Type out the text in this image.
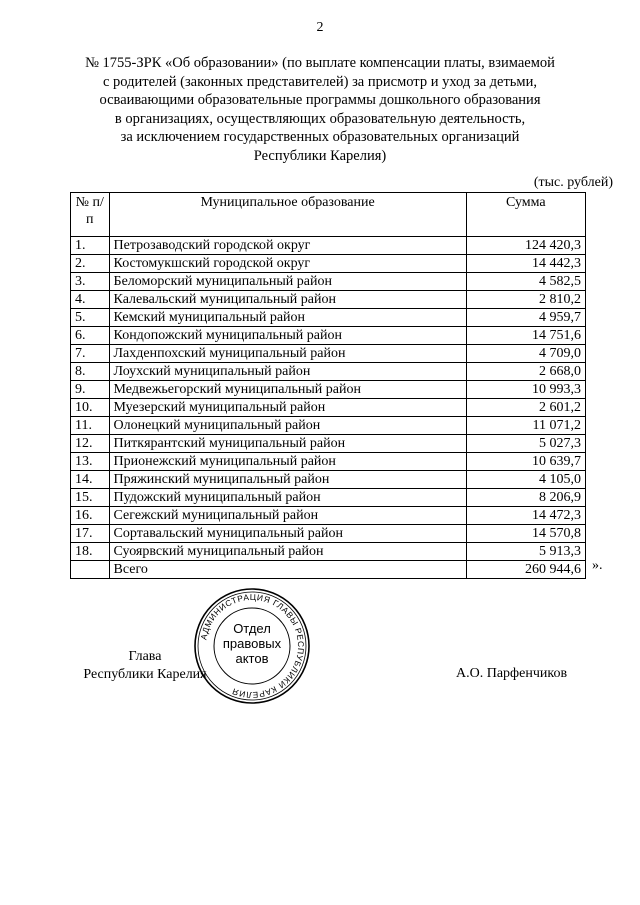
2
№ 1755-ЗРК «Об образовании» (по выплате компенсации платы, взимаемой
с родителей (законных представителей) за присмотр и уход за детьми,
осваивающими образовательные программы дошкольного образования
в организациях, осуществляющих образовательную деятельность,
за исключением государственных образовательных организаций
Республики Карелия)
(тыс. рублей)
№ п/п	Муниципальное образование	Сумма
1.	Петрозаводский городской округ	124 420,3
2.	Костомукшский городской округ	14 442,3
3.	Беломорский муниципальный район	4 582,5
4.	Калевальский муниципальный район	2 810,2
5.	Кемский муниципальный район	4 959,7
6.	Кондопожский муниципальный район	14 751,6
7.	Лахденпохский муниципальный район	4 709,0
8.	Лоухский муниципальный район	2 668,0
9.	Медвежьегорский муниципальный район	10 993,3
10.	Муезерский муниципальный район	2 601,2
11.	Олонецкий муниципальный район	11 071,2
12.	Питкярантский муниципальный район	5 027,3
13.	Прионежский муниципальный район	10 639,7
14.	Пряжинский муниципальный район	4 105,0
15.	Пудожский муниципальный район	8 206,9
16.	Сегежский муниципальный район	14 472,3
17.	Сортавальский муниципальный район	14 570,8
18.	Суоярвский муниципальный район	5 913,3
	Всего	260 944,6 ».
Глава
Республики Карелия	А.О. Парфенчиков
АДМИНИСТРАЦИЯ ГЛАВЫ РЕСПУБЛИКИ КАРЕЛИЯ
Отдел
правовых
актов
